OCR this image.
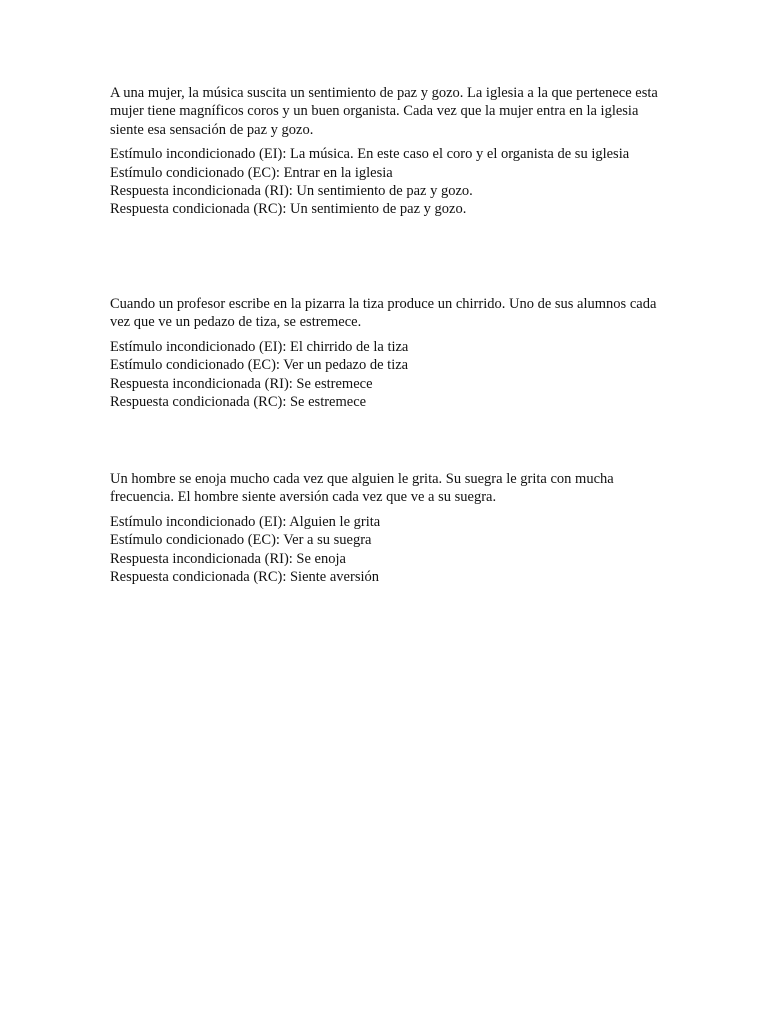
A una mujer, la música suscita un sentimiento de paz y gozo. La iglesia a la que pertenece esta mujer tiene magníficos coros y un buen organista. Cada vez que la mujer entra en la iglesia siente esa sensación de paz y gozo.

Estímulo incondicionado (EI): La música. En este caso el coro y el organista de su iglesia
Estímulo condicionado (EC): Entrar en la iglesia
Respuesta incondicionada (RI): Un sentimiento de paz y gozo.
Respuesta condicionada (RC): Un sentimiento de paz y gozo.

Cuando un profesor escribe en la pizarra la tiza produce un chirrido. Uno de sus alumnos cada vez que ve un pedazo de tiza, se estremece.

Estímulo incondicionado (EI): El chirrido de la tiza
Estímulo condicionado (EC): Ver un pedazo de tiza
Respuesta incondicionada (RI): Se estremece
Respuesta condicionada (RC): Se estremece

Un hombre se enoja mucho cada vez que alguien le grita. Su suegra le grita con mucha frecuencia. El hombre siente aversión cada vez que ve a su suegra.

Estímulo incondicionado (EI): Alguien le grita
Estímulo condicionado (EC): Ver a su suegra
Respuesta incondicionada (RI): Se enoja
Respuesta condicionada (RC): Siente aversión
